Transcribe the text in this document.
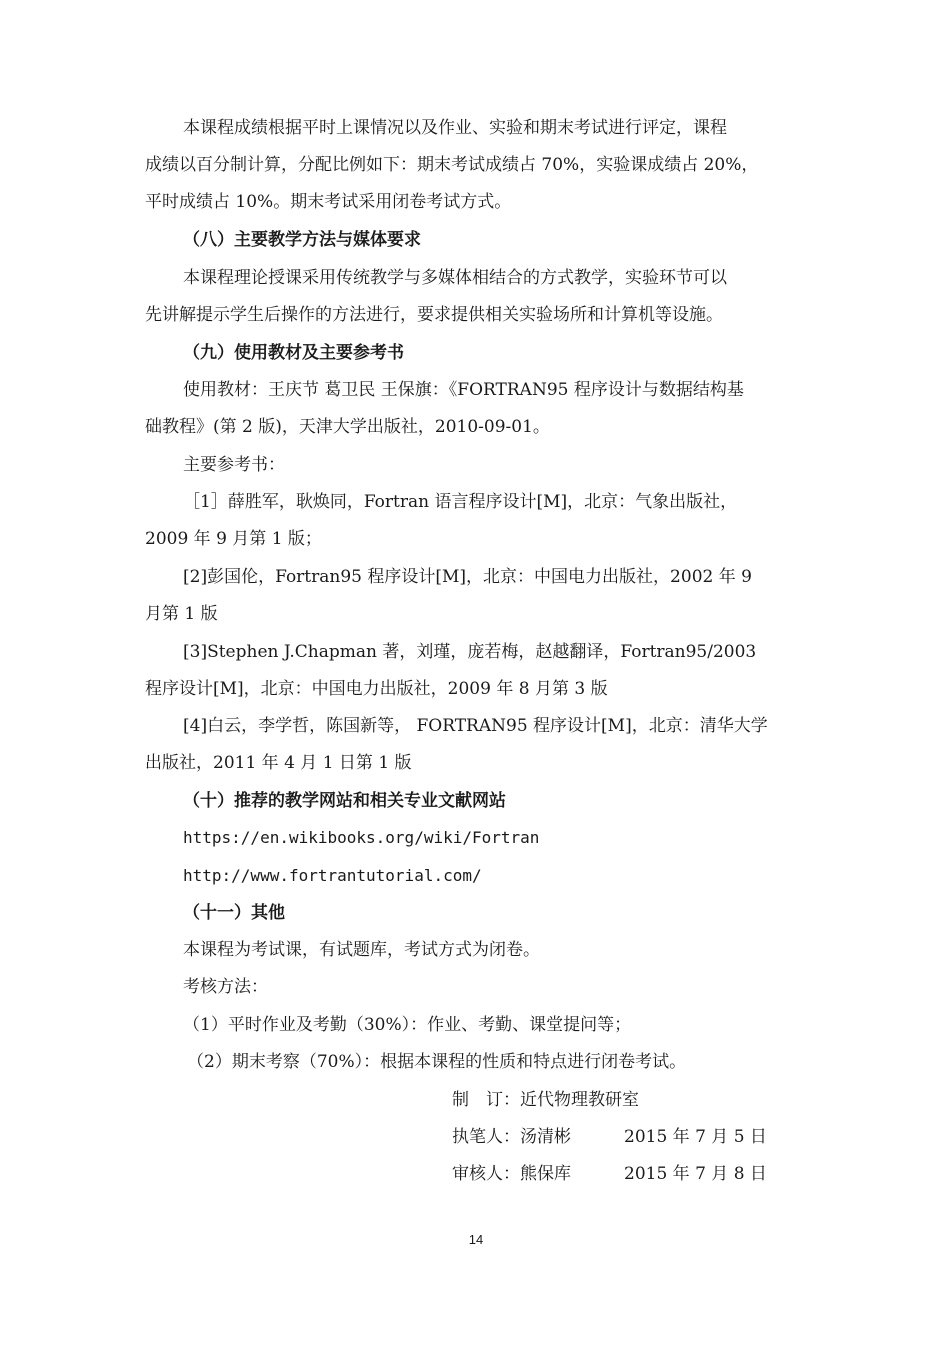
本课程成绩根据平时上课情况以及作业、实验和期末考试进行评定，课程
成绩以百分制计算，分配比例如下：期末考试成绩占 70%，实验课成绩占 20%，
平时成绩占 10%。期末考试采用闭卷考试方式。
（八）主要教学方法与媒体要求
本课程理论授课采用传统教学与多媒体相结合的方式教学，实验环节可以
先讲解提示学生后操作的方法进行，要求提供相关实验场所和计算机等设施。
（九）使用教材及主要参考书
使用教材：王庆节 葛卫民 王保旗：《FORTRAN95 程序设计与数据结构基
础教程》(第 2 版)，天津大学出版社，2010-09-01。
主要参考书：
［1］薛胜军，耿焕同，Fortran 语言程序设计[M]，北京：气象出版社，
2009 年 9 月第 1 版；
[2]彭国伦，Fortran95 程序设计[M]，北京：中国电力出版社，2002 年 9
月第 1 版
[3]Stephen J.Chapman 著，刘瑾，庞若梅，赵越翻译，Fortran95/2003
程序设计[M]，北京：中国电力出版社，2009 年 8 月第 3 版
[4]白云，李学哲，陈国新等， FORTRAN95 程序设计[M]，北京：清华大学
出版社，2011 年 4 月 1 日第 1 版
（十）推荐的教学网站和相关专业文献网站
https://en.wikibooks.org/wiki/Fortran
http://www.fortrantutorial.com/
（十一）其他
本课程为考试课，有试题库，考试方式为闭卷。
考核方法：
（1）平时作业及考勤（30%）：作业、考勤、课堂提问等；
（2）期末考察（70%）：根据本课程的性质和特点进行闭卷考试。
制　订：近代物理教研室
执笔人：汤清彬	2015 年 7 月 5 日
审核人：熊保库	2015 年 7 月 8 日
14
